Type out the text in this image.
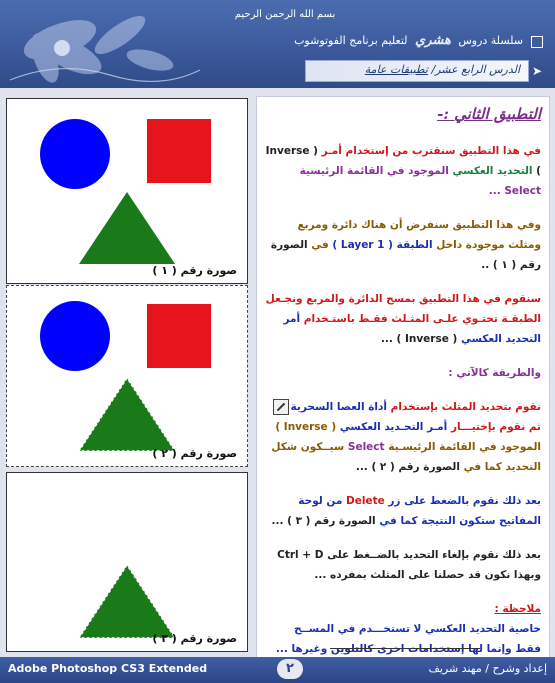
بسم الله الرحمن الرحيم
سلسلة دروس هشري لتعليم برنامج الفوتوشوب
الدرس الرابع عشر/ تطبيقات عامة	➤
صورة رقم ( ١ )
صورة رقم ( ٢ )
صورة رقم ( ٣ )
التطبيق الثاني :-
في هذا التطبيق سنقترب من إستخدام أمـر ( Inverse ) التحديد العكسي الموجود في القائمة الرئيسية Select ...
وفي هذا التطبيق سنفرض أن هناك دائرة ومربع ومثلث موجودة داخل الطبقة ( 1 Layer ) في الصورة رقم ( ١ ) ..
سنقوم في هذا التطبيق بمسح الدائرة والمربع ونجـعل الطبقـة تحتـوي علـى المثـلث فقـط باستـخدام أمر التحديد العكسي ( Inverse ) ...
والطريقة كالآتي :
نقوم بتحديد المثلث بإستخدام أداة العصا السحرية ثم نقوم بإختيـــار أمـر التحـديد العكسي ( Inverse ) الموجود في القائمة الرئيسـية Select سيــكون شكل التحديد كما في الصورة رقم ( ٢ ) ...
بعد ذلك نقوم بالضغط على زر Delete من لوحة المفاتيح ستكون النتيجة كما في الصورة رقم ( ٣ ) ...
بعد ذلك نقوم بإلغاء التحديد بالضــغط على Ctrl + D وبهذا نكون قد حصلنا على المثلث بمفرده ...
ملاحظة :
خاصية التحديد العكسي لا تستخـــدم في المســح فقط وإنما لها إستخدامات اخرى كالتلوين وغيرها ...
Adobe Photoshop CS3 Extended	٢	إعداد وشرح / مهند شريف
